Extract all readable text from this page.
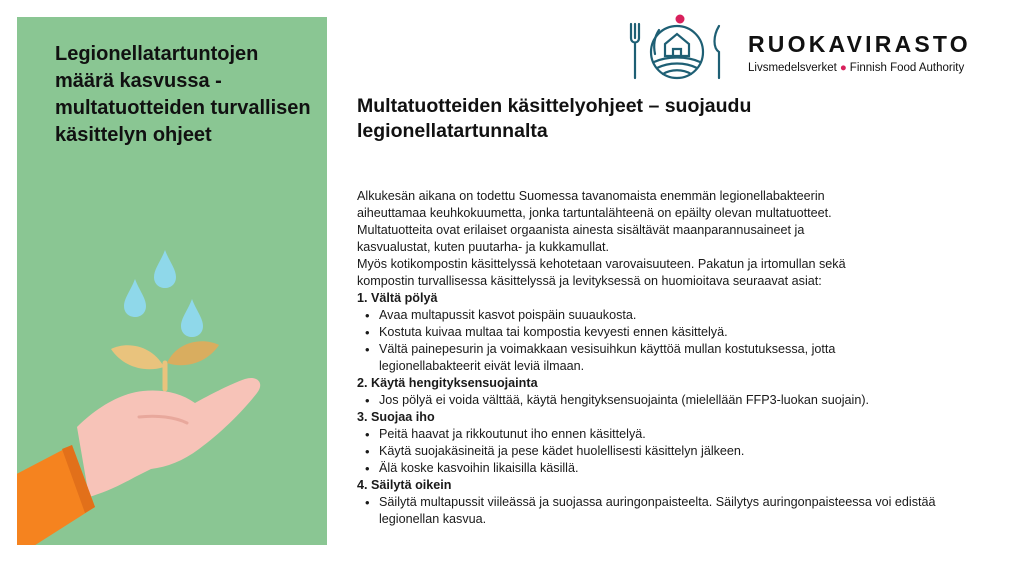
Legionellatartuntojen määrä kasvussa - multatuotteiden turvallisen käsittelyn ohjeet
RUOKAVIRASTO
Livsmedelsverket ● Finnish Food Authority
Multatuotteiden käsittelyohjeet – suojaudu legionellatartunnalta

Alkukesän aikana on todettu Suomessa tavanomaista enemmän legionellabakteerin

aiheuttamaa keuhkokuumetta, jonka tartuntalähteenä on epäilty olevan multatuotteet.

Multatuotteita ovat erilaiset orgaanista ainesta sisältävät maanparannusaineet ja

kasvualustat, kuten puutarha- ja kukkamullat.

Myös kotikompostin käsittelyssä kehotetaan varovaisuuteen. Pakatun ja irtomullan sekä

kompostin turvallisessa käsittelyssä ja levityksessä on huomioitava seuraavat asiat:

1. Vältä pölyä

• Avaa multapussit kasvot poispäin suuaukosta.
• Kostuta kuivaa multaa tai kompostia kevyesti ennen käsittelyä.
• Vältä painepesurin ja voimakkaan vesisuihkun käyttöä mullan kostutuksessa, jotta legionellabakteerit eivät leviä ilmaan.

2. Käytä hengityksensuojainta

• Jos pölyä ei voida välttää, käytä hengityksensuojainta (mielellään FFP3-luokan suojain).

3. Suojaa iho

• Peitä haavat ja rikkoutunut iho ennen käsittelyä.
• Käytä suojakäsineitä ja pese kädet huolellisesti käsittelyn jälkeen.
• Älä koske kasvoihin likaisilla käsillä.

4. Säilytä oikein

• Säilytä multapussit viileässä ja suojassa auringonpaisteelta. Säilytys auringonpaisteessa voi edistää legionellan kasvua.
